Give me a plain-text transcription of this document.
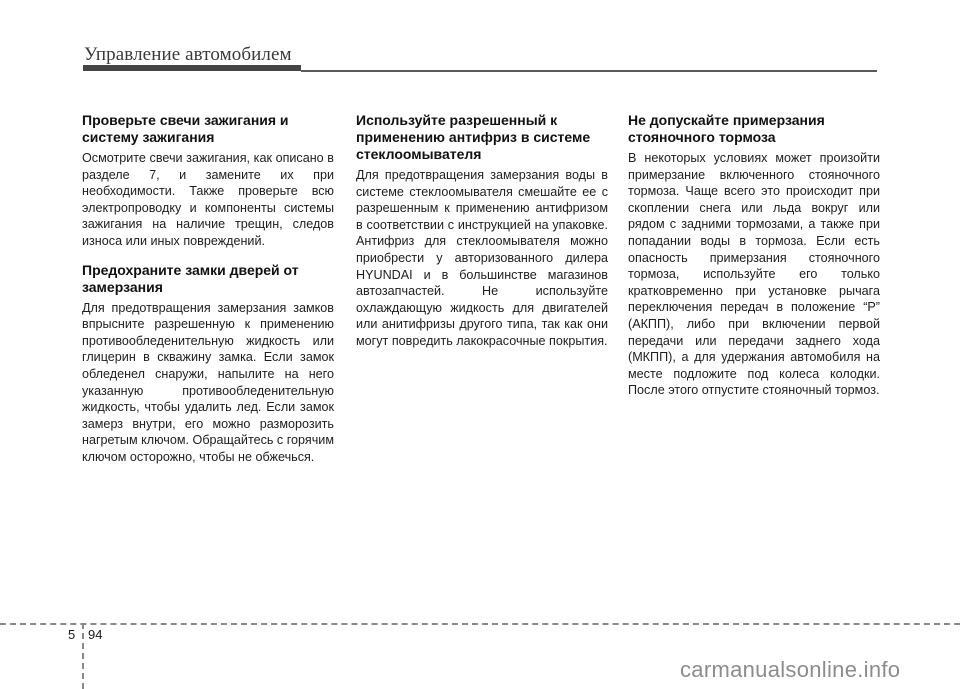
Управление автомобилем
Проверьте свечи зажигания и систему зажигания

Осмотрите свечи зажигания, как описано в разделе 7, и замените их при необходимости. Также проверьте всю электропроводку и компоненты системы зажигания на наличие трещин, следов износа или иных повреждений.

Предохраните замки дверей от замерзания

Для предотвращения замерзания замков впрысните разрешенную к применению противообледенительную жидкость или глицерин в скважину замка. Если замок обледенел снаружи, напылите на него указанную противообледенительную жидкость, чтобы удалить лед. Если замок замерз внутри, его можно разморозить нагретым ключом. Обращайтесь с горячим ключом осторожно, чтобы не обжечься.

Используйте разрешенный к применению антифриз в системе стеклоомывателя

Для предотвращения замерзания воды в системе стеклоомывателя смешайте ее с разрешенным к применению антифризом в соответствии с инструкцией на упаковке. Антифриз для стеклоомывателя можно приобрести у авторизованного дилера HYUNDAI и в большинстве магазинов автозапчастей. Не используйте охлаждающую жидкость для двигателей или анитифризы другого типа, так как они могут повредить лакокрасочные покрытия.

Не допускайте примерзания стояночного тормоза

В некоторых условиях может произойти примерзание включенного стояночного тормоза. Чаще всего это происходит при скоплении снега или льда вокруг или рядом с задними тормозами, а также при попадании воды в тормоза. Если есть опасность примерзания стояночного тормоза, используйте его только кратковременно при установке рычага переключения передач в положение “P” (АКПП), либо при включении первой передачи или передачи заднего хода (МКПП), а для удержания автомобиля на месте подложите под колеса колодки. После этого отпустите стояночный тормоз.

5 94
carmanualsonline.info
